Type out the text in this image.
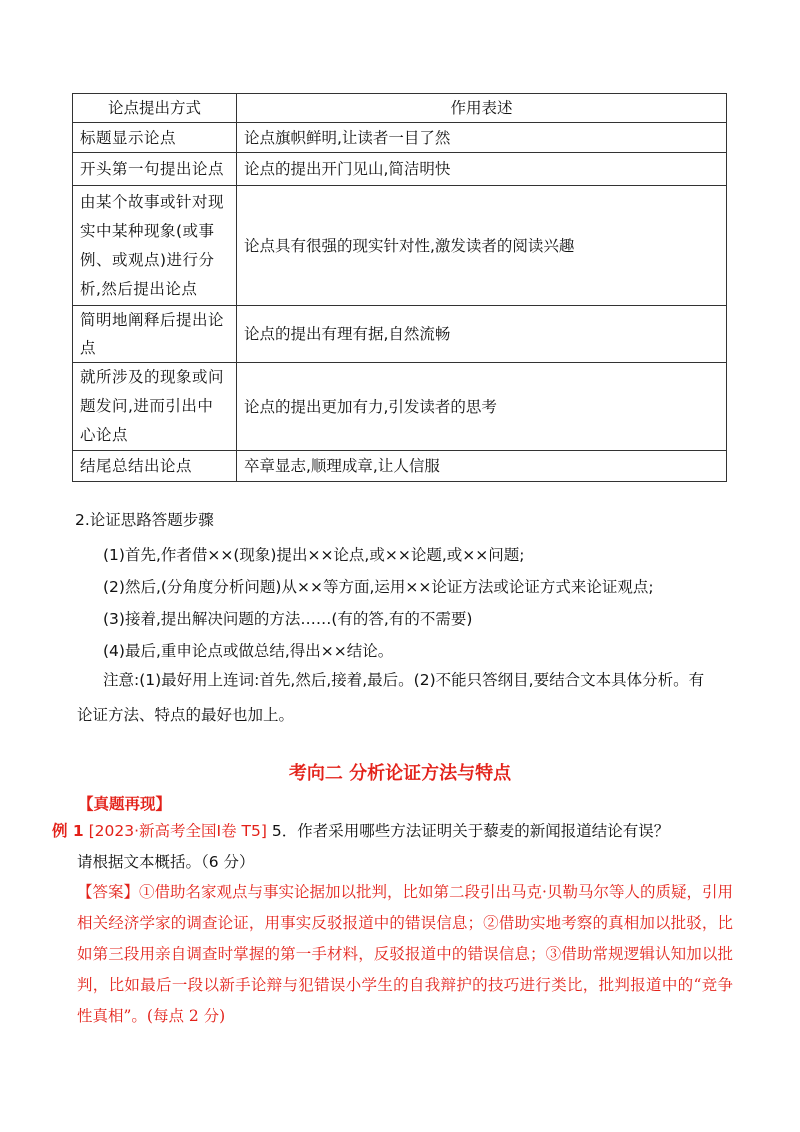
论点提出方式	作用表述
标题显示论点	论点旗帜鲜明,让读者一目了然
开头第一句提出论点	论点的提出开门见山,简洁明快
由某个故事或针对现实中某种现象(或事例、或观点)进行分析,然后提出论点	论点具有很强的现实针对性,激发读者的阅读兴趣
简明地阐释后提出论点	论点的提出有理有据,自然流畅
就所涉及的现象或问题发问,进而引出中心论点	论点的提出更加有力,引发读者的思考
结尾总结出论点	卒章显志,顺理成章,让人信服
2.论证思路答题步骤
(1)首先,作者借××(现象)提出××论点,或××论题,或××问题;
(2)然后,(分角度分析问题)从××等方面,运用××论证方法或论证方式来论证观点;
(3)接着,提出解决问题的方法……(有的答,有的不需要)
(4)最后,重申论点或做总结,得出××结论。
注意:(1)最好用上连词:首先,然后,接着,最后。(2)不能只答纲目,要结合文本具体分析。有
论证方法、特点的最好也加上。
考向二 分析论证方法与特点
【真题再现】
例 1 [2023·新高考全国Ⅰ卷 T5] 5．作者采用哪些方法证明关于藜麦的新闻报道结论有误？
请根据文本概括。（6 分）
【答案】①借助名家观点与事实论据加以批判，比如第二段引出马克·贝勒马尔等人的质疑，引用相关经济学家的调查论证，用事实反驳报道中的错误信息；②借助实地考察的真相加以批驳，比如第三段用亲自调查时掌握的第一手材料，反驳报道中的错误信息；③借助常规逻辑认知加以批判，比如最后一段以新手论辩与犯错误小学生的自我辩护的技巧进行类比，批判报道中的“竞争性真相”。(每点 2 分)
